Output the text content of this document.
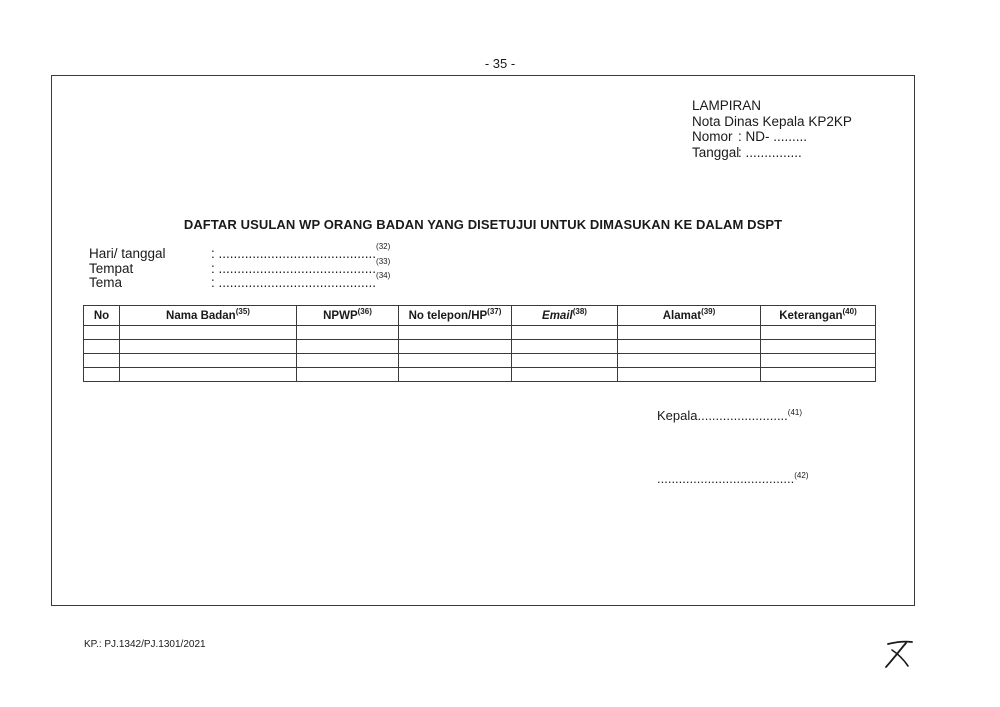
- 35 -
LAMPIRAN
Nota Dinas Kepala KP2KP
Nomor : ND- .........
Tanggal: ...............
DAFTAR USULAN WP ORANG BADAN YANG DISETUJUI UNTUK DIMASUKAN KE DALAM DSPT
Hari/ tanggal	: .......................................... (32)
Tempat	: .......................................... (33)
Tema	: .......................................... (34)
No	Nama Badan$^{(35)}$	NPWP$^{(36)}$	No telepon/HP$^{(37)}$	Email$^{(38)}$	Alamat$^{(39)}$	Keterangan$^{(40)}$

Kepala.........................$^{(41)}$
......................................$^{(42)}$
KP.: PJ.1342/PJ.1301/2021
